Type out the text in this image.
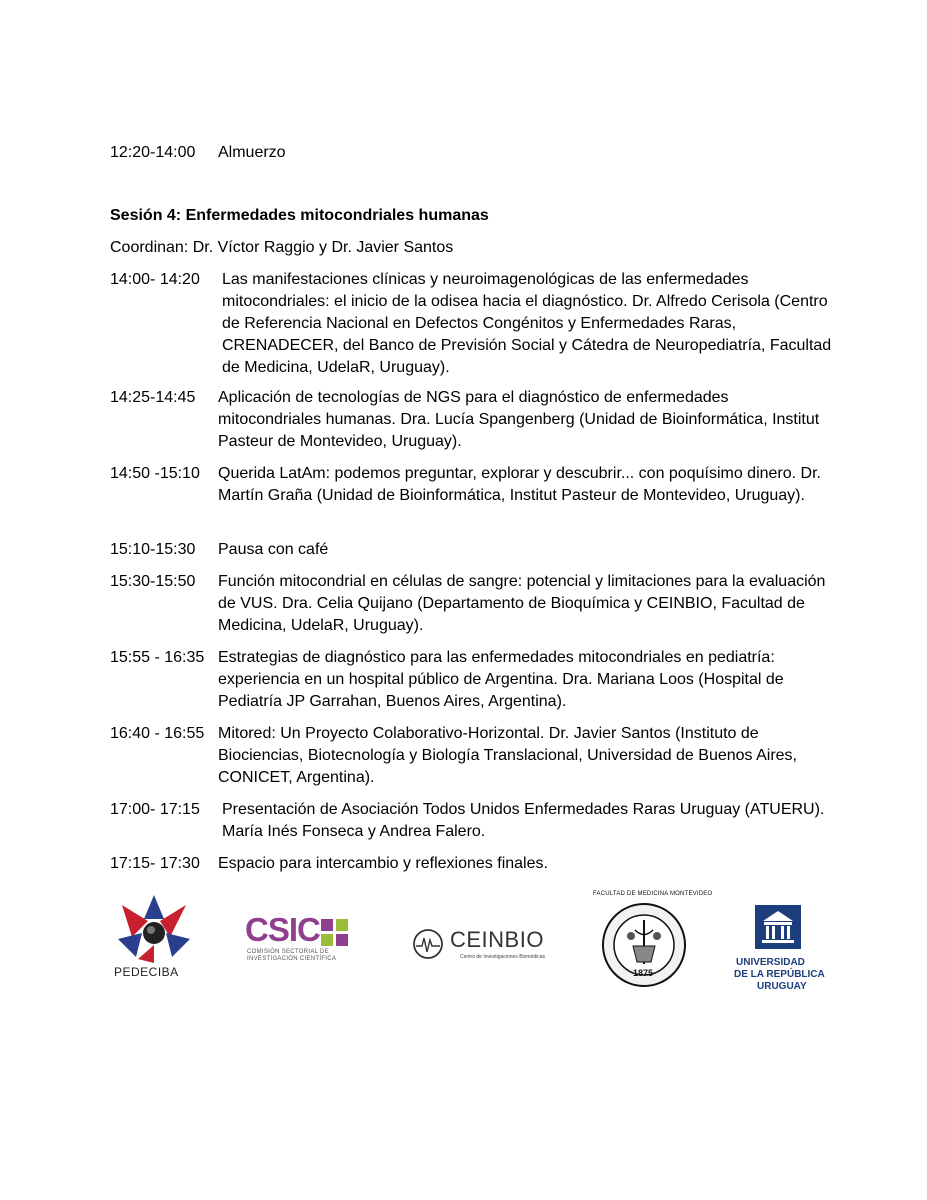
12:20-14:00 Almuerzo
Sesión 4: Enfermedades mitocondriales humanas
Coordinan: Dr. Víctor Raggio y Dr. Javier Santos
14:00- 14:20 Las manifestaciones clínicas y neuroimagenológicas de las enfermedades mitocondriales: el inicio de la odisea hacia el diagnóstico. Dr. Alfredo Cerisola (Centro de Referencia Nacional en Defectos Congénitos y Enfermedades Raras, CRENADECER, del Banco de Previsión Social y Cátedra de Neuropediatría, Facultad de Medicina, UdelaR, Uruguay).
14:25-14:45 Aplicación de tecnologías de NGS para el diagnóstico de enfermedades mitocondriales humanas. Dra. Lucía Spangenberg (Unidad de Bioinformática, Institut Pasteur de Montevideo, Uruguay).
14:50 -15:10 Querida LatAm: podemos preguntar, explorar y descubrir... con poquísimo dinero. Dr. Martín Graña (Unidad de Bioinformática, Institut Pasteur de Montevideo, Uruguay).
15:10-15:30 Pausa con café
15:30-15:50 Función mitocondrial en células de sangre: potencial y limitaciones para la evaluación de VUS. Dra. Celia Quijano (Departamento de Bioquímica y CEINBIO, Facultad de Medicina, UdelaR, Uruguay).
15:55 - 16:35 Estrategias de diagnóstico para las enfermedades mitocondriales en pediatría: experiencia en un hospital público de Argentina. Dra. Mariana Loos (Hospital de Pediatría JP Garrahan, Buenos Aires, Argentina).
16:40 - 16:55 Mitored: Un Proyecto Colaborativo-Horizontal. Dr. Javier Santos (Instituto de Biociencias, Biotecnología y Biología Translacional, Universidad de Buenos Aires, CONICET, Argentina).
17:00- 17:15 Presentación de Asociación Todos Unidos Enfermedades Raras Uruguay (ATUERU). María Inés Fonseca y Andrea Falero.
17:15- 17:30 Espacio para intercambio y reflexiones finales.
PEDECIBA
CSIC
COMISIÓN SECTORIAL DE
INVESTIGACIÓN CIENTÍFICA
CEINBIO
Centro de Investigaciones Biomédicas
1875
FACULTAD DE MEDICINA MONTEVIDEO
UNIVERSIDAD
DE LA REPÚBLICA
URUGUAY
